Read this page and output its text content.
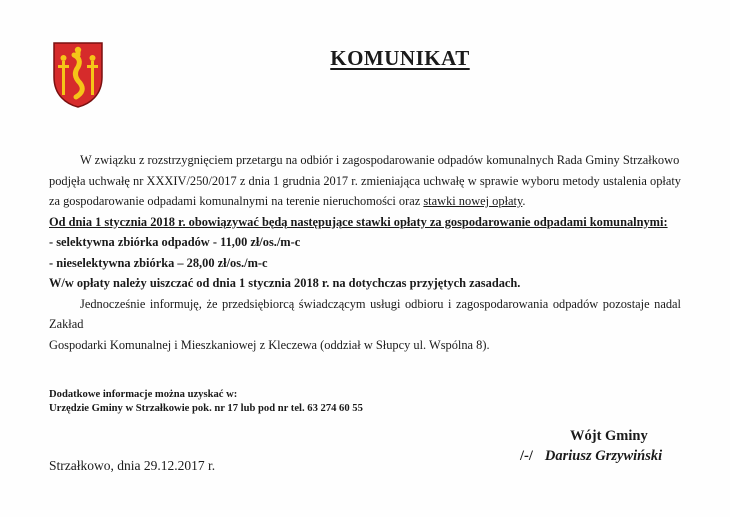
KOMUNIKAT

W związku z rozstrzygnięciem przetargu na odbiór i zagospodarowanie odpadów komunalnych Rada Gminy Strzałkowo

podjęła uchwałę nr XXXIV/250/2017 z dnia 1 grudnia 2017 r. zmieniająca uchwałę w sprawie wyboru metody ustalenia opłaty

za gospodarowanie odpadami komunalnymi na terenie nieruchomości oraz stawki nowej opłaty.

Od dnia 1 stycznia 2018 r. obowiązywać będą następujące stawki opłaty za gospodarowanie odpadami komunalnymi:

- selektywna zbiórka odpadów - 11,00 zł/os./m-c

- nieselektywna zbiórka – 28,00 zł/os./m-c

W/w opłaty należy uiszczać od dnia 1 stycznia 2018 r. na dotychczas przyjętych zasadach.

Jednocześnie informuję, że przedsiębiorcą świadczącym usługi odbioru i zagospodarowania odpadów pozostaje nadal Zakład

Gospodarki Komunalnej i Mieszkaniowej z Kleczewa (oddział w Słupcy ul. Wspólna 8).

Dodatkowe informacje można uzyskać w:

Urzędzie Gminy w Strzałkowie pok. nr 17 lub pod nr tel. 63 274 60 55

Wójt Gminy
/-/ Dariusz Grzywiński
Strzałkowo, dnia 29.12.2017 r.
